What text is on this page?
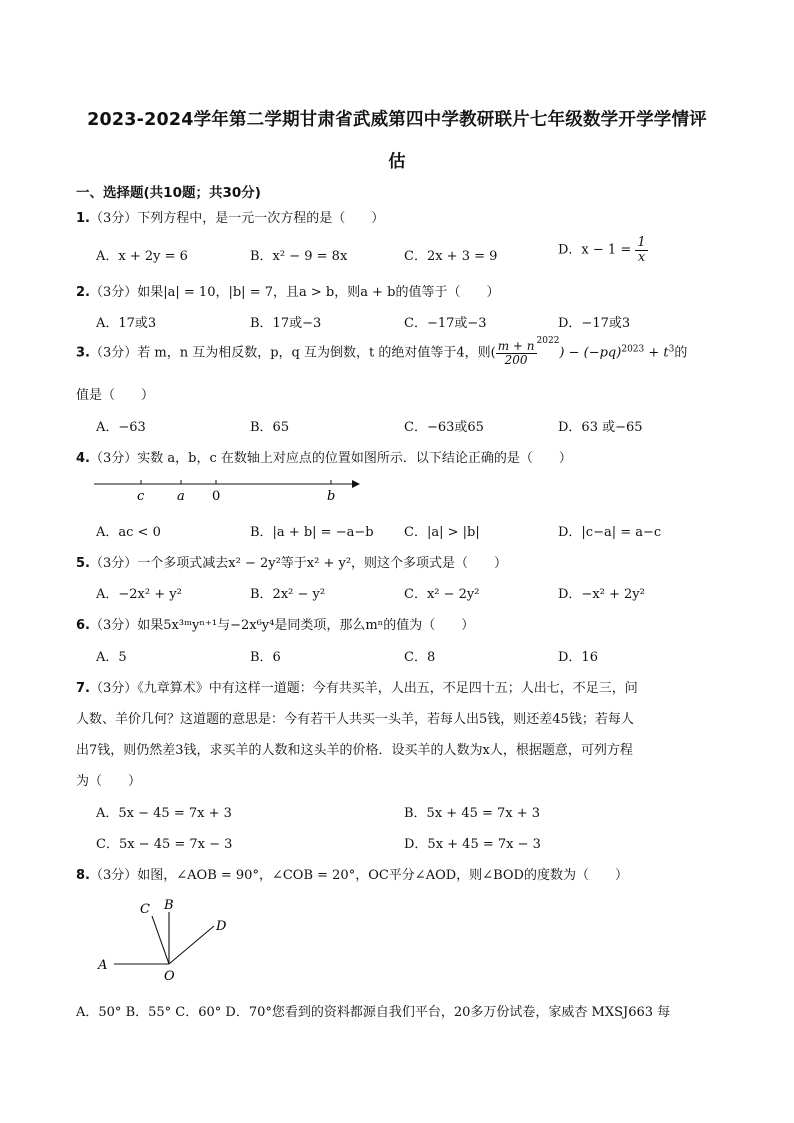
2023-2024学年第二学期甘肃省武威第四中学教研联片七年级数学开学学情评
估
一、选择题(共10题；共30分)
1.（3分）下列方程中，是一元一次方程的是（　　）
A．x + 2y = 6	B．x² − 9 = 8x	C．2x + 3 = 9	D．$x - 1 = \frac{1}{x}$
2.（3分）如果|a| = 10，|b| = 7，且a > b，则a + b的值等于（　　）
A．17或3	B．17或−3	C．−17或−3	D．−17或3
3.（3分）若 m，n 互为相反数，p，q 互为倒数，t 的绝对值等于4，则( $\frac{m + n}{200} ^{2022}) - (-pq)^{2023} + t^3$的
值是（　　）
A．−63	B．65	C．−63或65	D．63 或−65
4.（3分）实数 a，b，c 在数轴上对应点的位置如图所示．以下结论正确的是（　　）
c	a 0	b
A．ac < 0	B．|a + b| = −a−b C．|a| > |b|	D．|c−a| = a−c
5.（3分）一个多项式减去x² − 2y²等于x² + y²，则这个多项式是（　　）
A．−2x² + y²	B．2x² − y²	C．x² − 2y²	D．−x² + 2y²
6.（3分）如果5x³ᵐyⁿ⁺¹与−2x⁶y⁴是同类项，那么mⁿ的值为（　　）
A．5	B．6	C．8	D．16
7.（3分）《九章算术》中有这样一道题：今有共买羊，人出五，不足四十五；人出七，不足三，问
人数、羊价几何？这道题的意思是：今有若干人共买一头羊，若每人出5钱，则还差45钱；若每人
出7钱，则仍然差3钱，求买羊的人数和这头羊的价格．设买羊的人数为x人，根据题意，可列方程
为（　　）
A．5x − 45 = 7x + 3	B．5x + 45 = 7x + 3
C．5x − 45 = 7x − 3	D．5x + 45 = 7x − 3
8.（3分）如图，∠AOB = 90°，∠COB = 20°，OC平分∠AOD，则∠BOD的度数为（　　）
A
B
C
D
O
A．50° B．55° C．60° D．70°您看到的资料都源自我们平台，20多万份试卷，家威杏 MXSJ663 每
